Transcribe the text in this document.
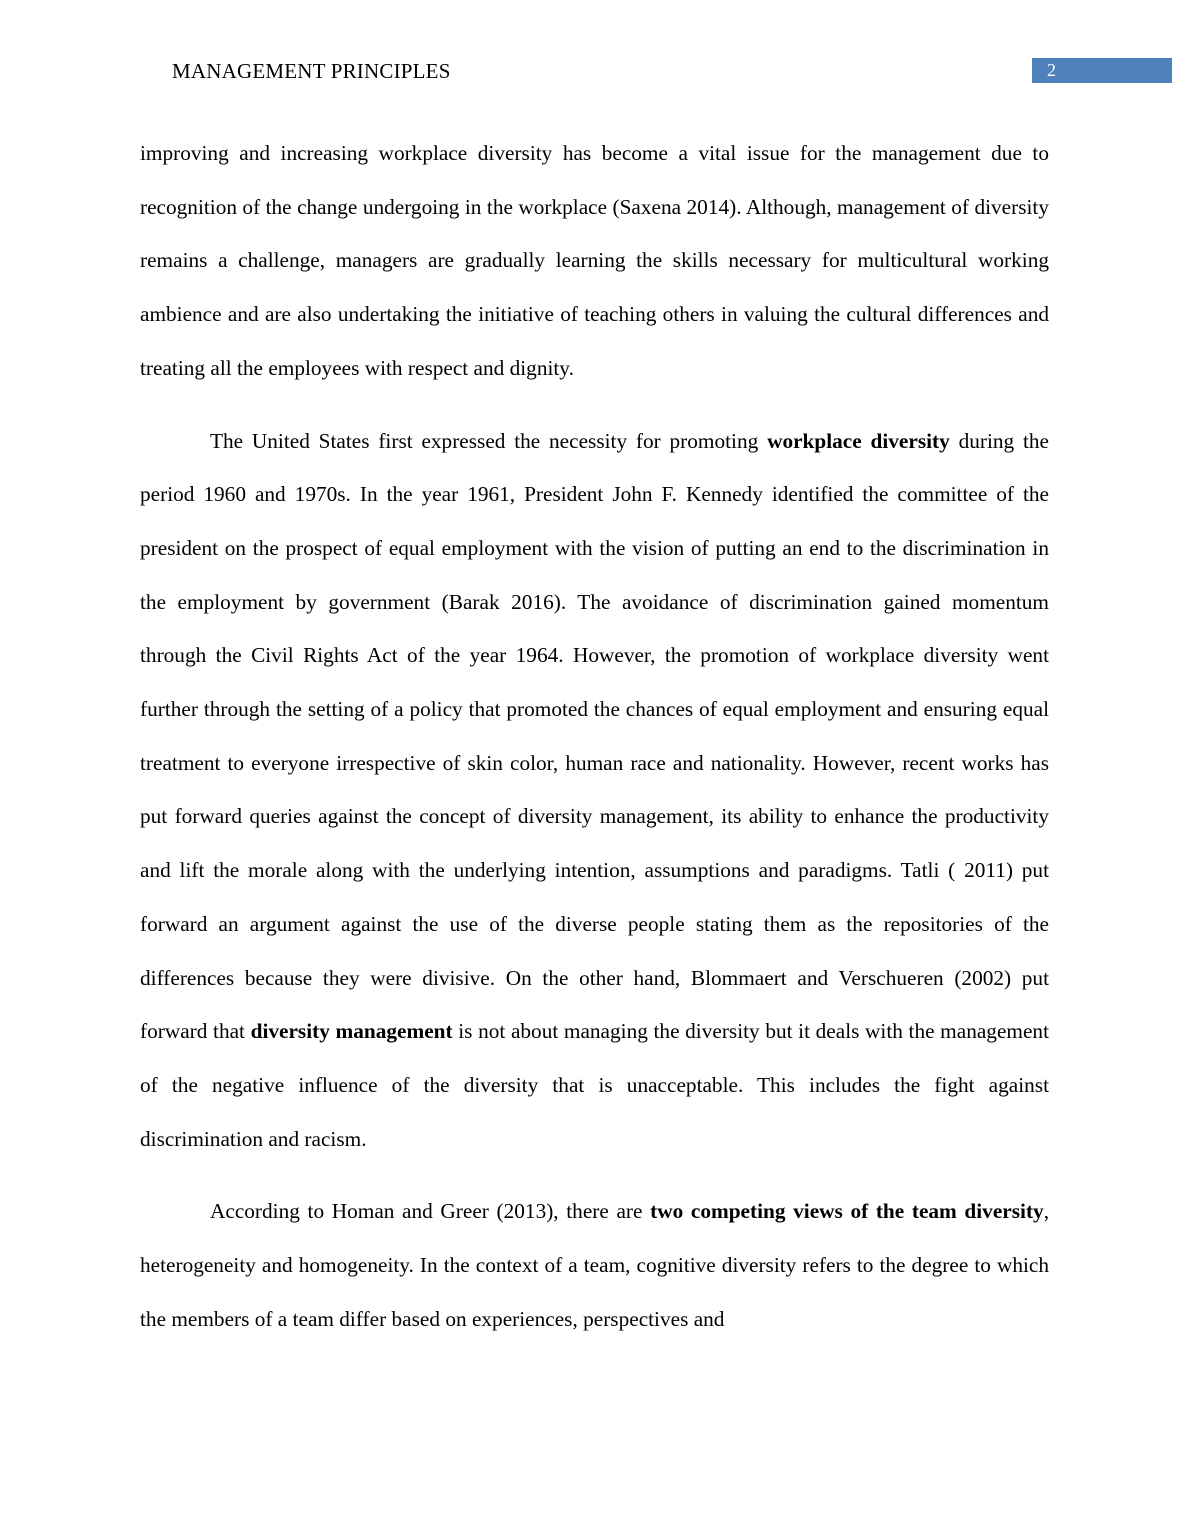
MANAGEMENT PRINCIPLES	2

improving and increasing workplace diversity has become a vital issue for the management due to recognition of the change undergoing in the workplace (Saxena 2014). Although, management of diversity remains a challenge, managers are gradually learning the skills necessary for multicultural working ambience and are also undertaking the initiative of teaching others in valuing the cultural differences and treating all the employees with respect and dignity.

The United States first expressed the necessity for promoting workplace diversity during the period 1960 and 1970s. In the year 1961, President John F. Kennedy identified the committee of the president on the prospect of equal employment with the vision of putting an end to the discrimination in the employment by government (Barak 2016). The avoidance of discrimination gained momentum through the Civil Rights Act of the year 1964. However, the promotion of workplace diversity went further through the setting of a policy that promoted the chances of equal employment and ensuring equal treatment to everyone irrespective of skin color, human race and nationality. However, recent works has put forward queries against the concept of diversity management, its ability to enhance the productivity and lift the morale along with the underlying intention, assumptions and paradigms. Tatli ( 2011) put forward an argument against the use of the diverse people stating them as the repositories of the differences because they were divisive. On the other hand, Blommaert and Verschueren (2002) put forward that diversity management is not about managing the diversity but it deals with the management of the negative influence of the diversity that is unacceptable. This includes the fight against discrimination and racism.

According to Homan and Greer (2013), there are two competing views of the team diversity, heterogeneity and homogeneity. In the context of a team, cognitive diversity refers to the degree to which the members of a team differ based on experiences, perspectives and
